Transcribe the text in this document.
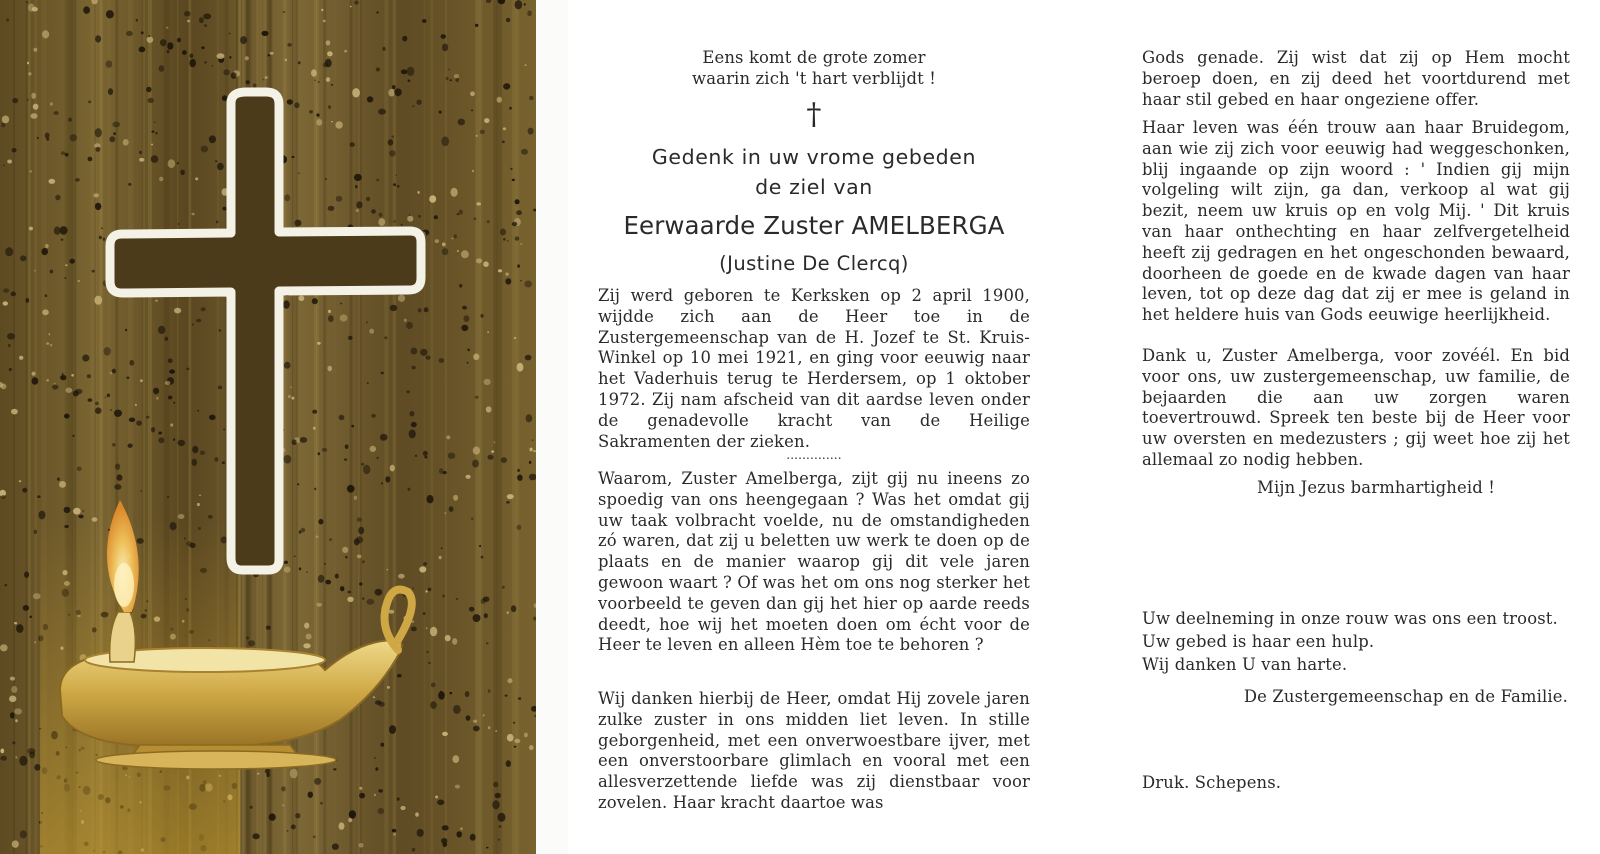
Eens komt de grote zomer

waarin zich 't hart verblijdt !

†

Gedenk in uw vrome gebeden

de ziel van

Eerwaarde Zuster AMELBERGA
(Justine De Clercq)

Zij werd geboren te Kerksken op 2 april 1900, wijdde zich aan de Heer toe in de Zustergemeenschap van de H. Jozef te St. Kruis-Winkel op 10 mei 1921, en ging voor eeuwig naar het Vaderhuis terug te Herdersem, op 1 oktober 1972. Zij nam afscheid van dit aardse leven onder de genadevolle kracht van de Heilige Sakramenten der zieken.

..............

Waarom, Zuster Amelberga, zijt gij nu ineens zo spoedig van ons heengegaan ? Was het omdat gij uw taak volbracht voelde, nu de omstandigheden zó waren, dat zij u beletten uw werk te doen op de plaats en de manier waarop gij dit vele jaren gewoon waart ? Of was het om ons nog sterker het voorbeeld te geven dan gij het hier op aarde reeds deedt, hoe wij het moeten doen om écht voor de Heer te leven en alleen Hèm toe te behoren ?

Wij danken hierbij de Heer, omdat Hij zovele jaren zulke zuster in ons midden liet leven. In stille geborgenheid, met een onverwoestbare ijver, met een onverstoorbare glimlach en vooral met een allesverzettende liefde was zij dienstbaar voor zovelen. Haar kracht daartoe was

Gods genade. Zij wist dat zij op Hem mocht beroep doen, en zij deed het voortdurend met haar stil gebed en haar ongeziene offer.

Haar leven was één trouw aan haar Bruidegom, aan wie zij zich voor eeuwig had weggeschonken, blij ingaande op zijn woord : ' Indien gij mijn volgeling wilt zijn, ga dan, verkoop al wat gij bezit, neem uw kruis op en volg Mij. ' Dit kruis van haar onthechting en haar zelfvergetelheid heeft zij gedragen en het ongeschonden bewaard, doorheen de goede en de kwade dagen van haar leven, tot op deze dag dat zij er mee is geland in het heldere huis van Gods eeuwige heerlijkheid.

Dank u, Zuster Amelberga, voor zovéél. En bid voor ons, uw zustergemeenschap, uw familie, de bejaarden die aan uw zorgen waren toevertrouwd. Spreek ten beste bij de Heer voor uw oversten en medezusters ; gij weet hoe zij het allemaal zo nodig hebben.

Mijn Jezus barmhartigheid !

Uw deelneming in onze rouw was ons een troost.

Uw gebed is haar een hulp.

Wij danken U van harte.

De Zustergemeenschap en de Familie.

Druk. Schepens.
